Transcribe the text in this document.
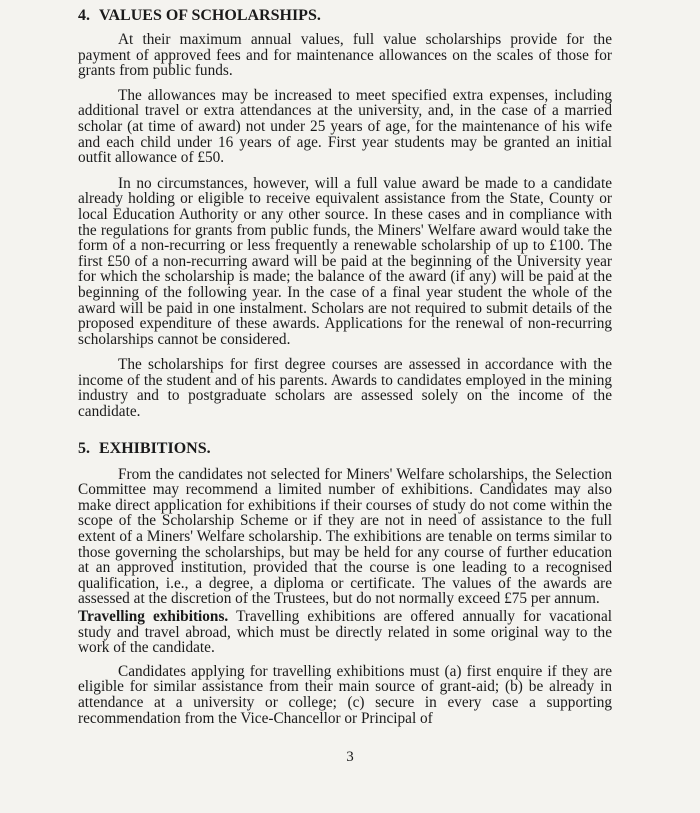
4. VALUES OF SCHOLARSHIPS.

At their maximum annual values, full value scholarships provide for the payment of approved fees and for maintenance allowances on the scales of those for grants from public funds.

The allowances may be increased to meet specified extra expenses, including additional travel or extra attendances at the university, and, in the case of a married scholar (at time of award) not under 25 years of age, for the maintenance of his wife and each child under 16 years of age. First year students may be granted an initial outfit allowance of £50.

In no circumstances, however, will a full value award be made to a candidate already holding or eligible to receive equivalent assistance from the State, County or local Education Authority or any other source. In these cases and in compliance with the regulations for grants from public funds, the Miners' Welfare award would take the form of a non-recurring or less frequently a renewable scholarship of up to £100. The first £50 of a non-recurring award will be paid at the beginning of the University year for which the scholarship is made; the balance of the award (if any) will be paid at the beginning of the following year. In the case of a final year student the whole of the award will be paid in one instalment. Scholars are not required to submit details of the proposed expenditure of these awards. Applications for the renewal of non-recurring scholarships cannot be considered.

The scholarships for first degree courses are assessed in accordance with the income of the student and of his parents. Awards to candidates employed in the mining industry and to postgraduate scholars are assessed solely on the income of the candidate.

5. EXHIBITIONS.

From the candidates not selected for Miners' Welfare scholarships, the Selection Committee may recommend a limited number of exhibitions. Candidates may also make direct application for exhibitions if their courses of study do not come within the scope of the Scholarship Scheme or if they are not in need of assistance to the full extent of a Miners' Welfare scholarship. The exhibitions are tenable on terms similar to those governing the scholarships, but may be held for any course of further education at an approved institution, provided that the course is one leading to a recognised qualification, i.e., a degree, a diploma or certificate. The values of the awards are assessed at the discretion of the Trustees, but do not normally exceed £75 per annum.

Travelling exhibitions. Travelling exhibitions are offered annually for vacational study and travel abroad, which must be directly related in some original way to the work of the candidate.

Candidates applying for travelling exhibitions must (a) first enquire if they are eligible for similar assistance from their main source of grant-aid; (b) be already in attendance at a university or college; (c) secure in every case a supporting recommendation from the Vice-Chancellor or Principal of

3
